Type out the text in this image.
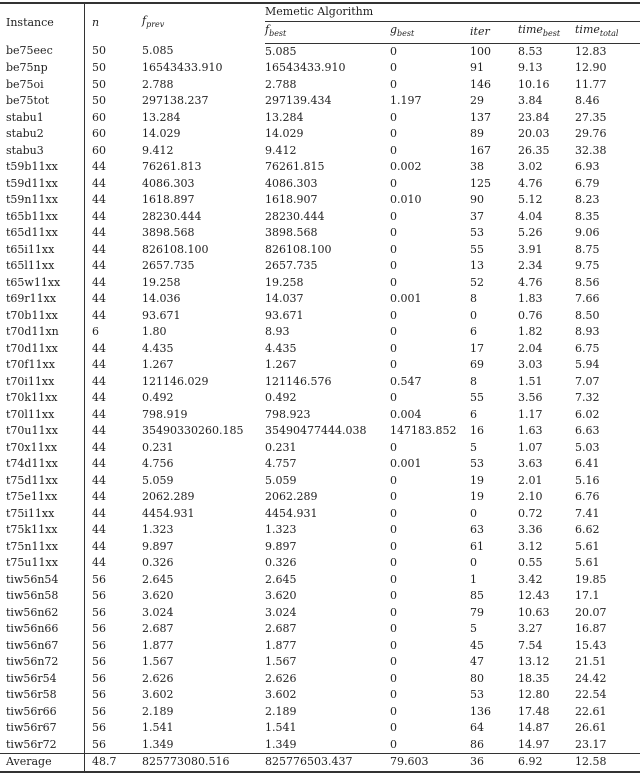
Instance	n	$f_{prev}$	Memetic Algorithm				
			$f_{best}$	$g_{best}$	iter	time$_{best}$	time$_{total}$
be75eec	50	5.085	5.085	0	100	8.53	12.83
be75np	50	16543433.910	16543433.910	0	91	9.13	12.90
be75oi	50	2.788	2.788	0	146	10.16	11.77
be75tot	50	297138.237	297139.434	1.197	29	3.84	8.46
stabu1	60	13.284	13.284	0	137	23.84	27.35
stabu2	60	14.029	14.029	0	89	20.03	29.76
stabu3	60	9.412	9.412	0	167	26.35	32.38
t59b11xx	44	76261.813	76261.815	0.002	38	3.02	6.93
t59d11xx	44	4086.303	4086.303	0	125	4.76	6.79
t59n11xx	44	1618.897	1618.907	0.010	90	5.12	8.23
t65b11xx	44	28230.444	28230.444	0	37	4.04	8.35
t65d11xx	44	3898.568	3898.568	0	53	5.26	9.06
t65i11xx	44	826108.100	826108.100	0	55	3.91	8.75
t65l11xx	44	2657.735	2657.735	0	13	2.34	9.75
t65w11xx	44	19.258	19.258	0	52	4.76	8.56
t69r11xx	44	14.036	14.037	0.001	8	1.83	7.66
t70b11xx	44	93.671	93.671	0	0	0.76	8.50
t70d11xn	6	1.80	8.93	0	6	1.82	8.93
t70d11xx	44	4.435	4.435	0	17	2.04	6.75
t70f11xx	44	1.267	1.267	0	69	3.03	5.94
t70i11xx	44	121146.029	121146.576	0.547	8	1.51	7.07
t70k11xx	44	0.492	0.492	0	55	3.56	7.32
t70l11xx	44	798.919	798.923	0.004	6	1.17	6.02
t70u11xx	44	35490330260.185	35490477444.038	147183.852	16	1.63	6.63
t70x11xx	44	0.231	0.231	0	5	1.07	5.03
t74d11xx	44	4.756	4.757	0.001	53	3.63	6.41
t75d11xx	44	5.059	5.059	0	19	2.01	5.16
t75e11xx	44	2062.289	2062.289	0	19	2.10	6.76
t75i11xx	44	4454.931	4454.931	0	0	0.72	7.41
t75k11xx	44	1.323	1.323	0	63	3.36	6.62
t75n11xx	44	9.897	9.897	0	61	3.12	5.61
t75u11xx	44	0.326	0.326	0	0	0.55	5.61
tiw56n54	56	2.645	2.645	0	1	3.42	19.85
tiw56n58	56	3.620	3.620	0	85	12.43	17.1
tiw56n62	56	3.024	3.024	0	79	10.63	20.07
tiw56n66	56	2.687	2.687	0	5	3.27	16.87
tiw56n67	56	1.877	1.877	0	45	7.54	15.43
tiw56n72	56	1.567	1.567	0	47	13.12	21.51
tiw56r54	56	2.626	2.626	0	80	18.35	24.42
tiw56r58	56	3.602	3.602	0	53	12.80	22.54
tiw56r66	56	2.189	2.189	0	136	17.48	22.61
tiw56r67	56	1.541	1.541	0	64	14.87	26.61
tiw56r72	56	1.349	1.349	0	86	14.97	23.17
Average	48.7	825773080.516	825776503.437	79.603	36	6.92	12.58
